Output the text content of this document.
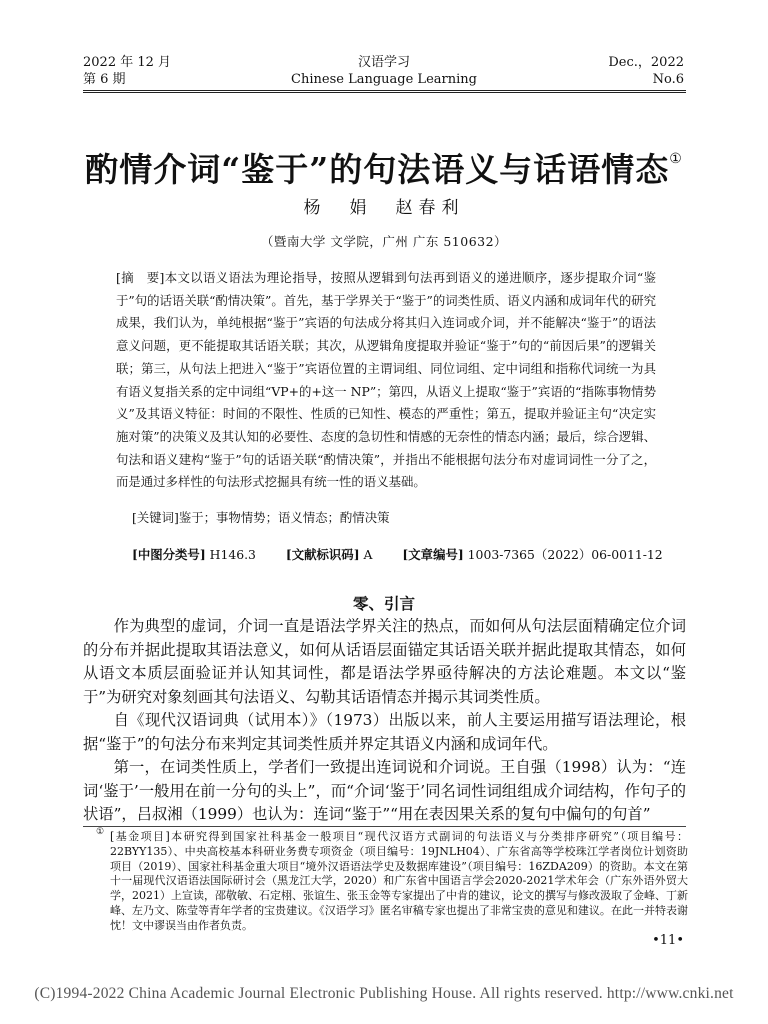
2022 年 12 月
第 6 期
汉语学习
Chinese Language Learning
Dec.，2022
No.6
酌情介词“鉴于”的句法语义与话语情态①
杨　娟　赵春利
（暨南大学 文学院，广州 广东 510632）
[摘　要]本文以语义语法为理论指导，按照从逻辑到句法再到语义的递进顺序，逐步提取介词“鉴于”句的话语关联“酌情决策”。首先，基于学界关于“鉴于”的词类性质、语义内涵和成词年代的研究成果，我们认为，单纯根据“鉴于”宾语的句法成分将其归入连词或介词，并不能解决“鉴于”的语法意义问题，更不能提取其话语关联；其次，从逻辑角度提取并验证“鉴于”句的“前因后果”的逻辑关联；第三，从句法上把进入“鉴于”宾语位置的主谓词组、同位词组、定中词组和指称代词统一为具有语义复指关系的定中词组“VP+的+这一 NP”；第四，从语义上提取“鉴于”宾语的“指陈事物情势义”及其语义特征：时间的不限性、性质的已知性、模态的严重性；第五，提取并验证主句“决定实施对策”的决策义及其认知的必要性、态度的急切性和情感的无奈性的情态内涵；最后，综合逻辑、句法和语义建构“鉴于”句的话语关联“酌情决策”，并指出不能根据句法分布对虚词词性一分了之，而是通过多样性的句法形式挖掘具有统一性的语义基础。
[关键词]鉴于；事物情势；语义情态；酌情决策
[中图分类号] H146.3 [文献标识码] A [文章编号] 1003-7365（2022）06-0011-12
零、引言

作为典型的虚词，介词一直是语法学界关注的热点，而如何从句法层面精确定位介词的分布并据此提取其语法意义，如何从话语层面锚定其话语关联并据此提取其情态，如何从语文本质层面验证并认知其词性，都是语法学界亟待解决的方法论难题。本文以“鉴于”为研究对象刻画其句法语义、勾勒其话语情态并揭示其词类性质。

自《现代汉语词典（试用本）》（1973）出版以来，前人主要运用描写语法理论，根据“鉴于”的句法分布来判定其词类性质并界定其语义内涵和成词年代。

第一，在词类性质上，学者们一致提出连词说和介词说。王自强（1998）认为：“连词‘鉴于’一般用在前一分句的头上”，而“介词‘鉴于’同名词性词组组成介词结构，作句子的状语”，吕叔湘（1999）也认为：连词“鉴于”“用在表因果关系的复句中偏句的句首”

① [基金项目]本研究得到国家社科基金一般项目“现代汉语方式副词的句法语义与分类排序研究”（项目编号：22BYY135）、中央高校基本科研业务费专项资金（项目编号：19JNLH04）、广东省高等学校珠江学者岗位计划资助项目（2019）、国家社科基金重大项目“境外汉语语法学史及数据库建设”（项目编号：16ZDA209）的资助。本文在第十一届现代汉语语法国际研讨会（黑龙江大学，2020）和广东省中国语言学会2020-2021学术年会（广东外语外贸大学，2021）上宣读，邵敬敏、石定栩、张谊生、张玉金等专家提出了中肯的建议，论文的撰写与修改汲取了金峰、丁新峰、左乃文、陈莹等青年学者的宝贵建议。《汉语学习》匿名审稿专家也提出了非常宝贵的意见和建议。在此一并特表谢忱！文中谬误当由作者负责。
•11•
(C)1994-2022 China Academic Journal Electronic Publishing House. All rights reserved. http://www.cnki.net
